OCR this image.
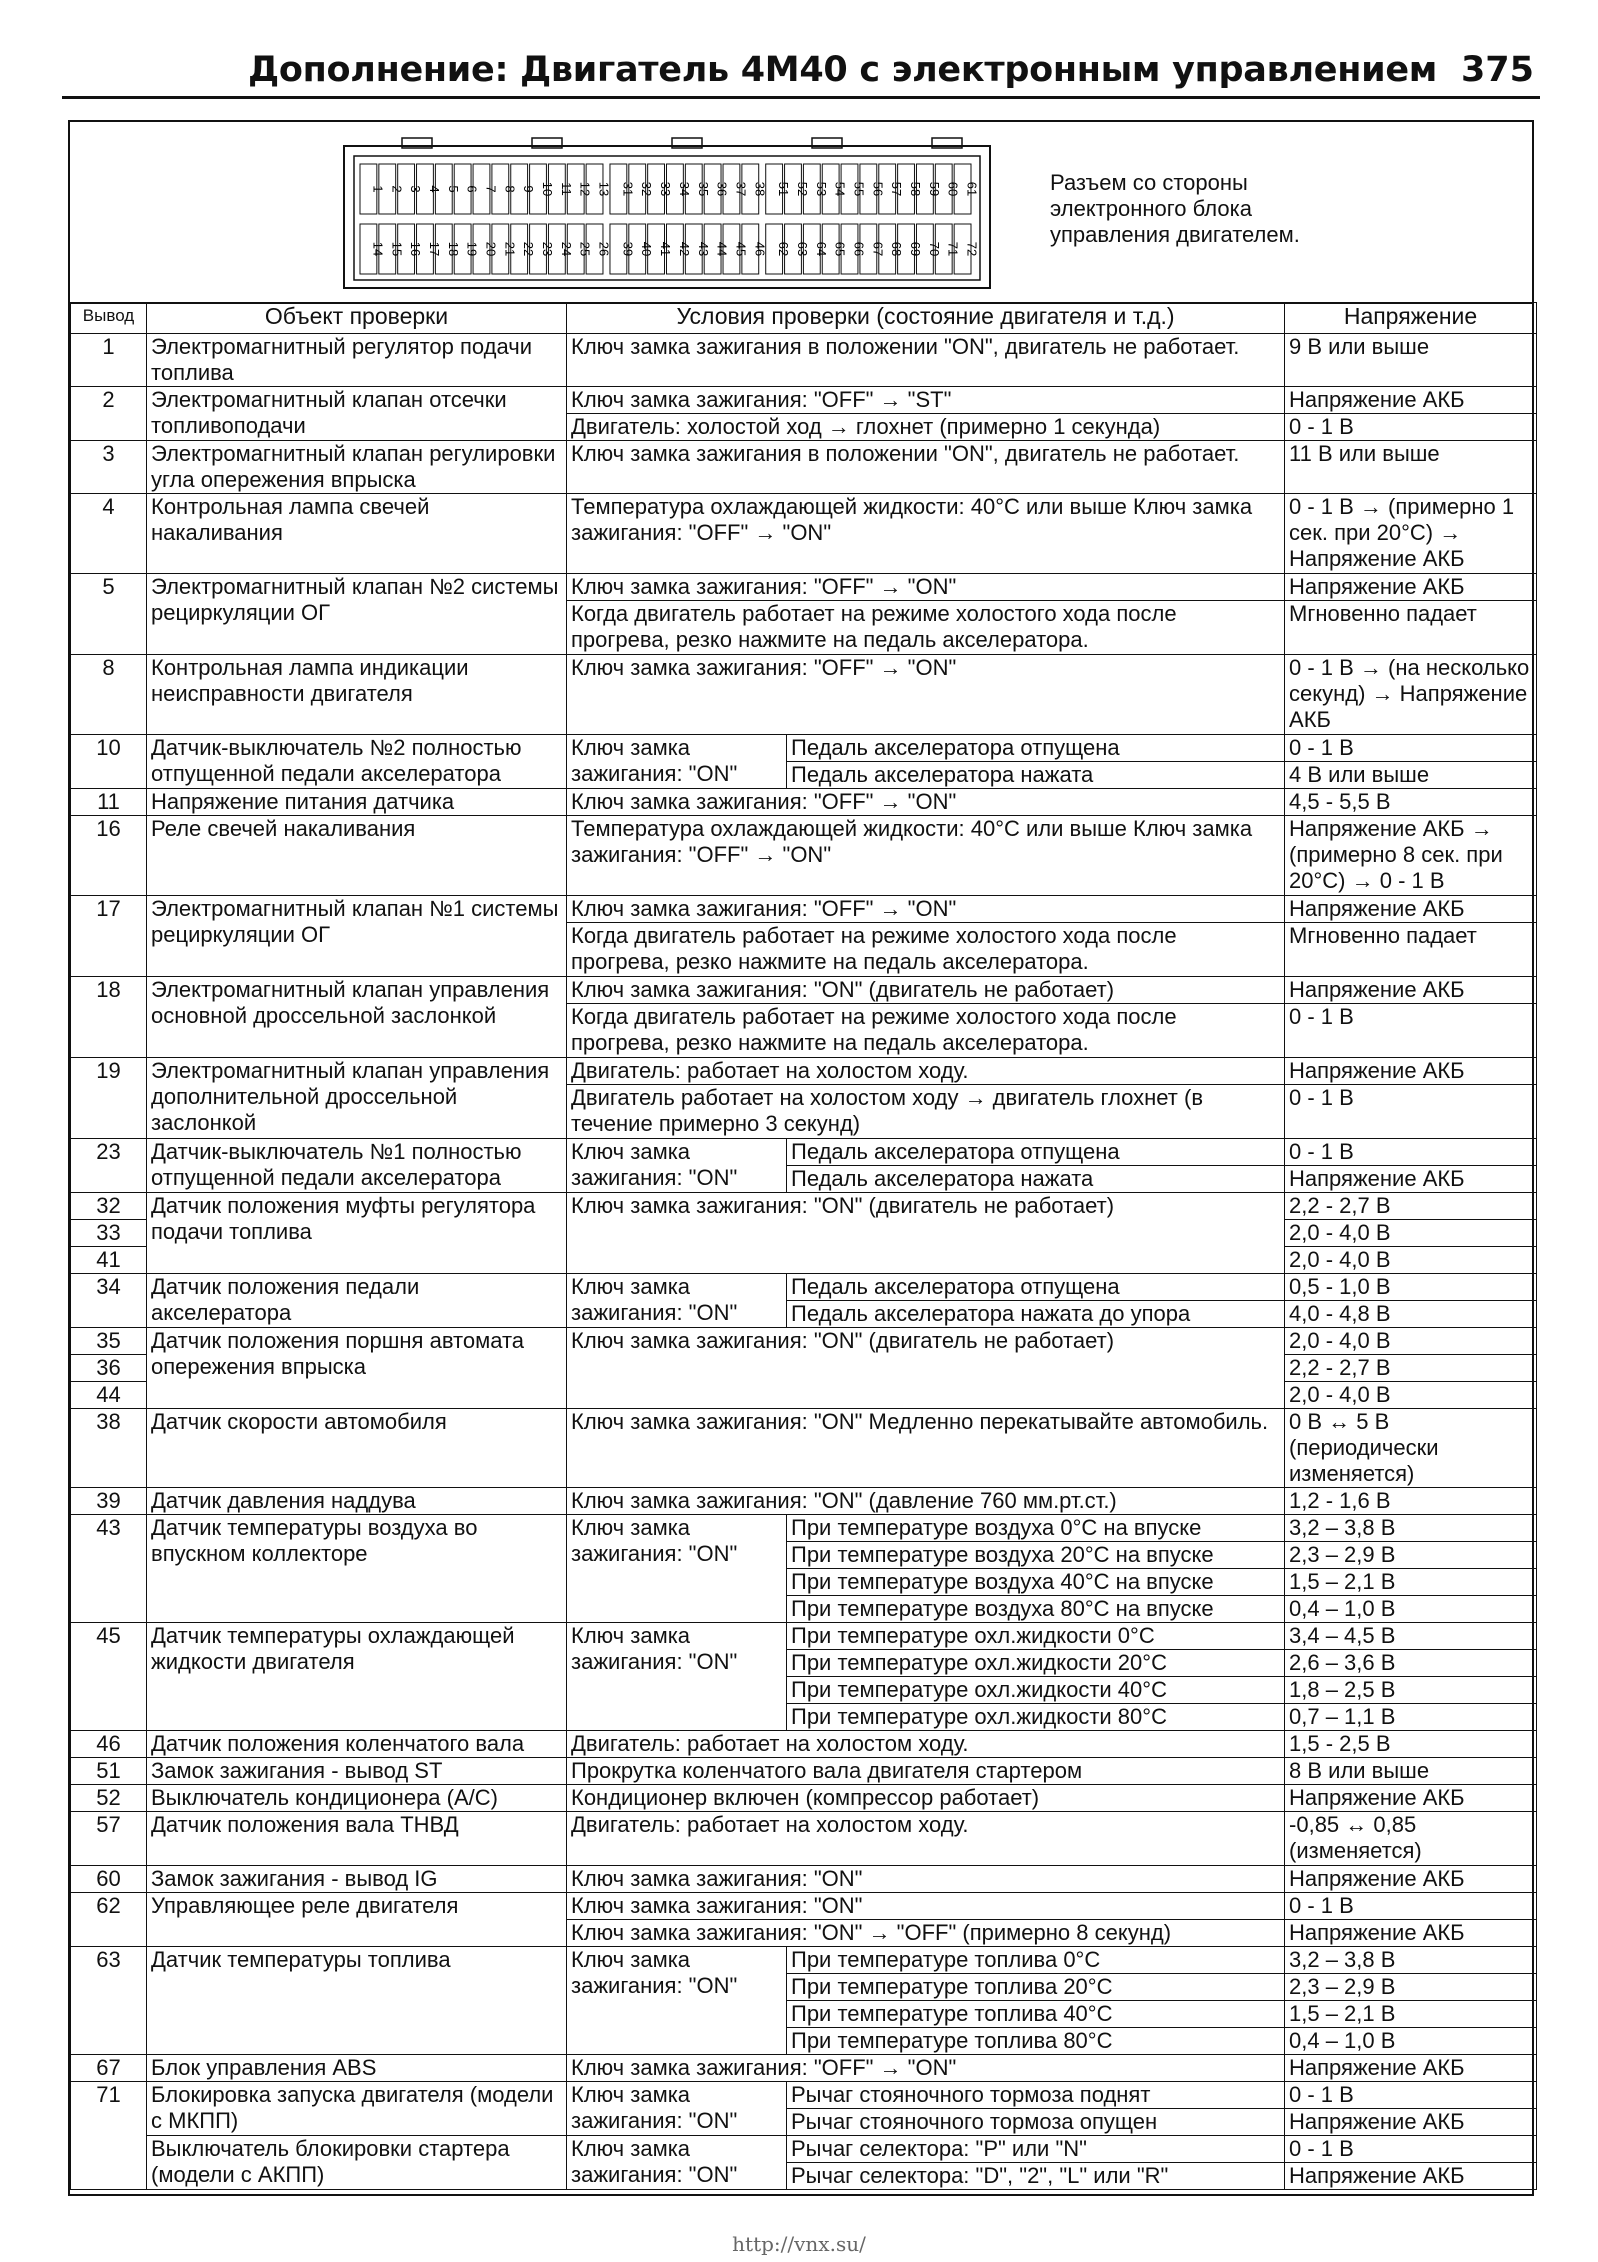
Дополнение: Двигатель 4M40 с электронным управлением 375
1 2 3 4 5 6 7 8 9 10 11 12 13 31 32 33 34 35 36 37 38 51 52 53 54 55 56 57 58 59 60 61
14 15 16 17 18 19 20 21 22 23 24 25 26 39 40 41 42 43 44 45 46 62 63 64 65 66 67 68 69 70 71 72
Разъем со стороны
электронного блока
управления двигателем.
Вывод	Объект проверки	Условия проверки (состояние двигателя и т.д.)		Напряжение
1	Электромагнитный регулятор подачи топлива	Ключ замка зажигания в положении "ON", двигатель не работает.		9 В или выше
2	Электромагнитный клапан отсечки топливоподачи	Ключ замка зажигания: "OFF" → "ST"		Напряжение АКБ
		Двигатель: холостой ход → глохнет (примерно 1 секунда)		0 - 1 В
3	Электромагнитный клапан регулировки угла опережения впрыска	Ключ замка зажигания в положении "ON", двигатель не работает.		11 В или выше
4	Контрольная лампа свечей накаливания	Температура охлаждающей жидкости: 40°С или выше Ключ замка зажигания: "OFF" → "ON"		0 - 1 В → (примерно 1 сек. при 20°С) → Напряжение АКБ
5	Электромагнитный клапан №2 системы рециркуляции ОГ	Ключ замка зажигания: "OFF" → "ON"		Напряжение АКБ
		Когда двигатель работает на режиме холостого хода после прогрева, резко нажмите на педаль акселератора.		Мгновенно падает
8	Контрольная лампа индикации неисправности двигателя	Ключ замка зажигания: "OFF" → "ON"		0 - 1 В → (на несколько секунд) → Напряжение АКБ
10	Датчик-выключатель №2 полностью отпущенной педали акселератора	Ключ замка зажигания: "ON"	Педаль акселератора отпущена	0 - 1 В
			Педаль акселератора нажата	4 В или выше
11	Напряжение питания датчика	Ключ замка зажигания: "OFF" → "ON"		4,5 - 5,5 В
16	Реле свечей накаливания	Температура охлаждающей жидкости: 40°С или выше Ключ замка зажигания: "OFF" → "ON"		Напряжение АКБ → (примерно 8 сек. при 20°С) → 0 - 1 В
17	Электромагнитный клапан №1 системы рециркуляции ОГ	Ключ замка зажигания: "OFF" → "ON"		Напряжение АКБ
		Когда двигатель работает на режиме холостого хода после прогрева, резко нажмите на педаль акселератора.		Мгновенно падает
18	Электромагнитный клапан управления основной дроссельной заслонкой	Ключ замка зажигания: "ON" (двигатель не работает)		Напряжение АКБ
		Когда двигатель работает на режиме холостого хода после прогрева, резко нажмите на педаль акселератора.		0 - 1 В
19	Электромагнитный клапан управления дополнительной дроссельной заслонкой	Двигатель: работает на холостом ходу.		Напряжение АКБ
		Двигатель работает на холостом ходу → двигатель глохнет (в течение примерно 3 секунд)		0 - 1 В
23	Датчик-выключатель №1 полностью отпущенной педали акселератора	Ключ замка зажигания: "ON"	Педаль акселератора отпущена	0 - 1 В
			Педаль акселератора нажата	Напряжение АКБ
32	Датчик положения муфты регулятора подачи топлива	Ключ замка зажигания: "ON" (двигатель не работает)		2,2 - 2,7 В
33				2,0 - 4,0 В
41				2,0 - 4,0 В
34	Датчик положения педали акселератора	Ключ замка зажигания: "ON"	Педаль акселератора отпущена	0,5 - 1,0 В
			Педаль акселератора нажата до упора	4,0 - 4,8 В
35	Датчик положения поршня автомата опережения впрыска	Ключ замка зажигания: "ON" (двигатель не работает)		2,0 - 4,0 В
36				2,2 - 2,7 В
44				2,0 - 4,0 В
38	Датчик скорости автомобиля	Ключ замка зажигания: "ON" Медленно перекатывайте автомобиль.		0 В ↔ 5 В (периодически изменяется)
39	Датчик давления наддува	Ключ замка зажигания: "ON" (давление 760 мм.рт.ст.)		1,2 - 1,6 В
43	Датчик температуры воздуха во впускном коллекторе	Ключ замка зажигания: "ON"	При температуре воздуха 0°С на впуске	3,2 – 3,8 В
			При температуре воздуха 20°С на впуске	2,3 – 2,9 В
			При температуре воздуха 40°С на впуске	1,5 – 2,1 В
			При температуре воздуха 80°С на впуске	0,4 – 1,0 В
45	Датчик температуры охлаждающей жидкости двигателя	Ключ замка зажигания: "ON"	При температуре охл.жидкости 0°С	3,4 – 4,5 В
			При температуре охл.жидкости 20°С	2,6 – 3,6 В
			При температуре охл.жидкости 40°С	1,8 – 2,5 В
			При температуре охл.жидкости 80°С	0,7 – 1,1 В
46	Датчик положения коленчатого вала	Двигатель: работает на холостом ходу.		1,5 - 2,5 В
51	Замок зажигания - вывод ST	Прокрутка коленчатого вала двигателя стартером		8 В или выше
52	Выключатель кондиционера (A/C)	Кондиционер включен (компрессор работает)		Напряжение АКБ
57	Датчик положения вала ТНВД	Двигатель: работает на холостом ходу.		-0,85 ↔ 0,85 (изменяется)
60	Замок зажигания - вывод IG	Ключ замка зажигания: "ON"		Напряжение АКБ
62	Управляющее реле двигателя	Ключ замка зажигания: "ON"		0 - 1 В
		Ключ замка зажигания: "ON" → "OFF" (примерно 8 секунд)		Напряжение АКБ
63	Датчик температуры топлива	Ключ замка зажигания: "ON"	При температуре топлива 0°С	3,2 – 3,8 В
			При температуре топлива 20°С	2,3 – 2,9 В
			При температуре топлива 40°С	1,5 – 2,1 В
			При температуре топлива 80°С	0,4 – 1,0 В
67	Блок управления ABS	Ключ замка зажигания: "OFF" → "ON"		Напряжение АКБ
71	Блокировка запуска двигателя (модели с МКПП)	Ключ замка зажигания: "ON"	Рычаг стояночного тормоза поднят	0 - 1 В
			Рычаг стояночного тормоза опущен	Напряжение АКБ
	Выключатель блокировки стартера (модели с АКПП)	Ключ замка зажигания: "ON"	Рычаг селектора: "P" или "N"	0 - 1 В
			Рычаг селектора: "D", "2", "L" или "R"	Напряжение АКБ
http://vnx.su/
